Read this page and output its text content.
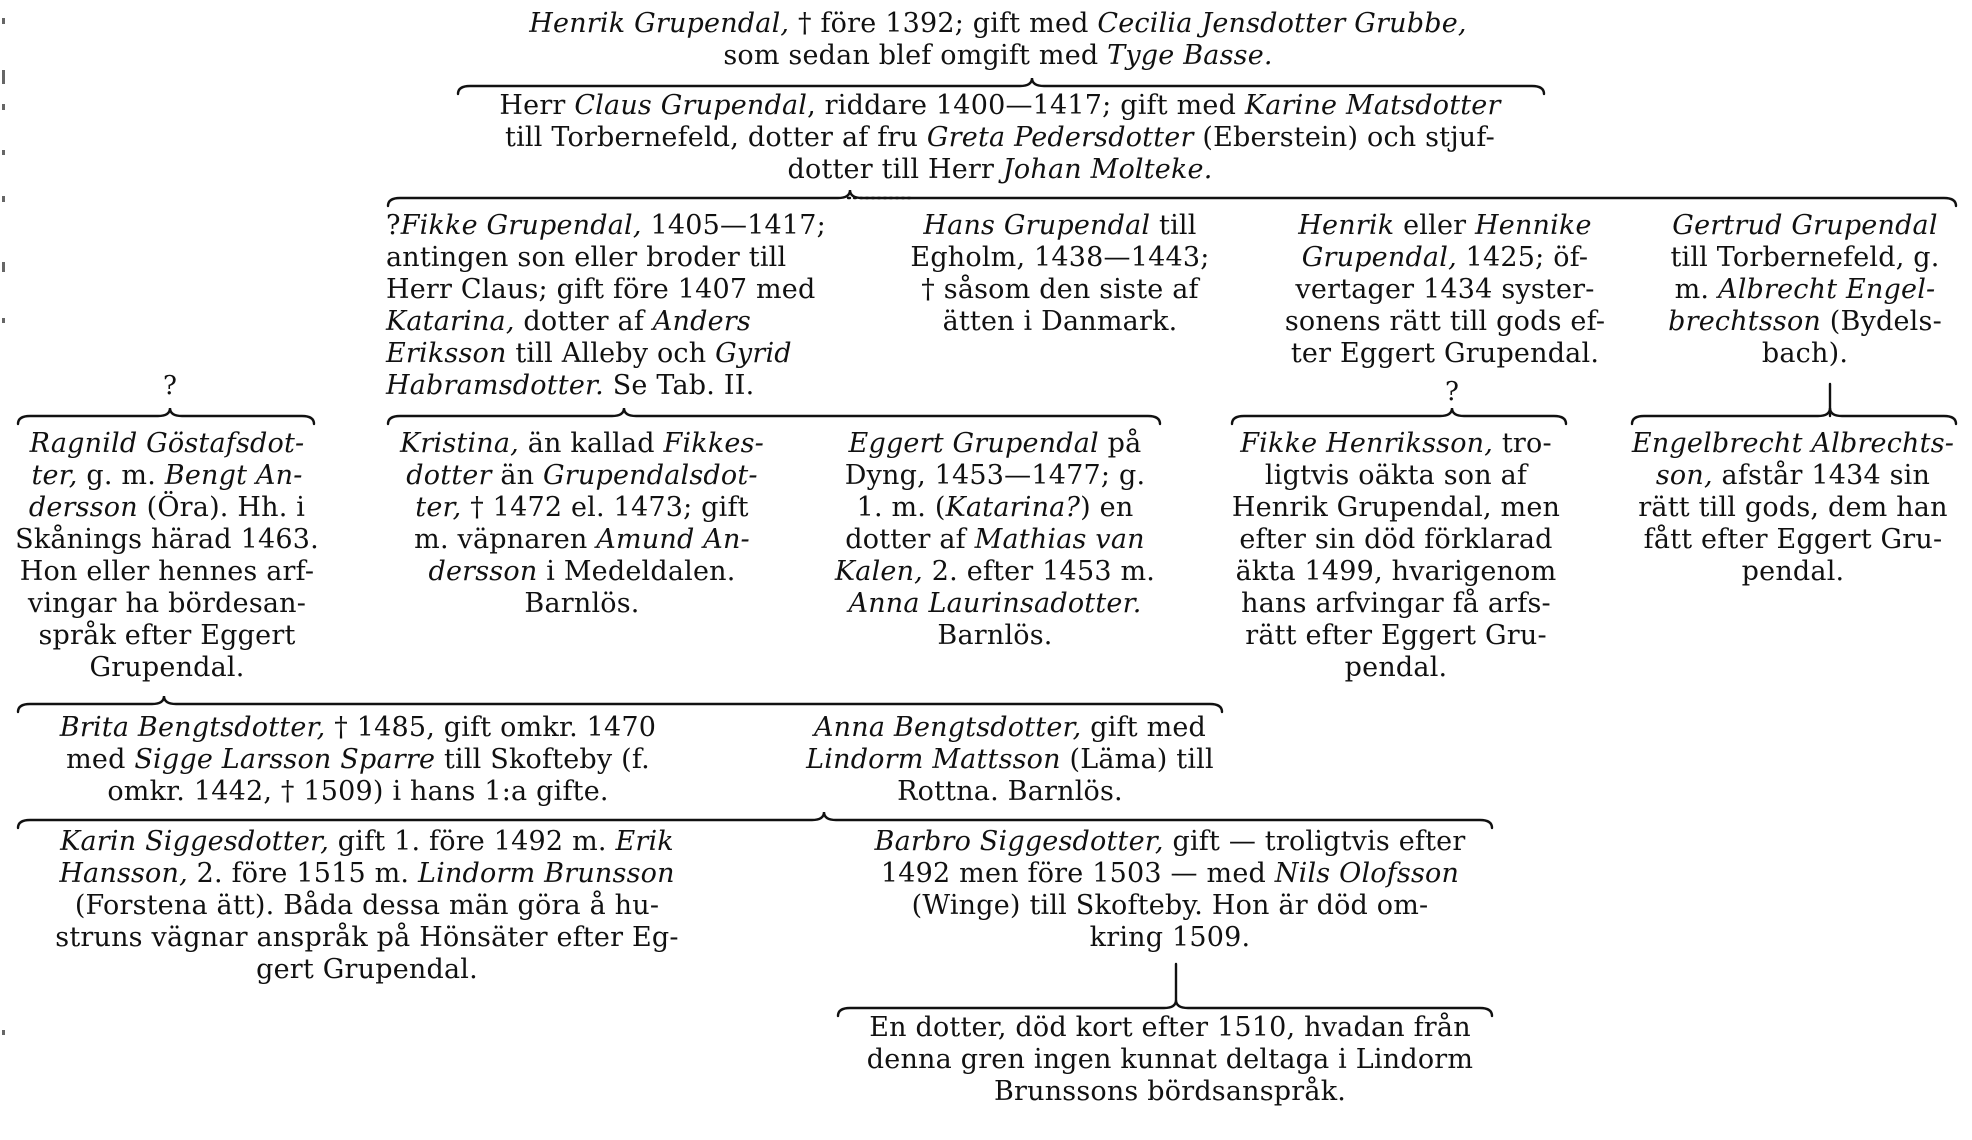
Henrik Grupendal, † före 1392; gift med Cecilia Jensdotter Grubbe,
som sedan blef omgift med Tyge Basse.
Herr Claus Grupendal, riddare 1400—1417; gift med Karine Matsdotter
till Torbernefeld, dotter af fru Greta Pedersdotter (Eberstein) och stjuf-
dotter till Herr Johan Molteke.
?Fikke Grupendal, 1405—1417;
antingen son eller broder till
Herr Claus; gift före 1407 med
Katarina, dotter af Anders
Eriksson till Alleby och Gyrid
Habramsdotter. Se Tab. II.
Hans Grupendal till
Egholm, 1438—1443;
† såsom den siste af
ätten i Danmark.
Henrik eller Hennike
Grupendal, 1425; öf-
vertager 1434 syster-
sonens rätt till gods ef-
ter Eggert Grupendal.
Gertrud Grupendal
till Torbernefeld, g.
m. Albrecht Engel-
brechtsson (Bydels-
bach).
?	?
Ragnild Göstafsdot-
ter, g. m. Bengt An-
dersson (Öra). Hh. i
Skånings härad 1463.
Hon eller hennes arf-
vingar ha bördesan-
språk efter Eggert
Grupendal.
Kristina, än kallad Fikkes-
dotter än Grupendalsdot-
ter, † 1472 el. 1473; gift
m. väpnaren Amund An-
dersson i Medeldalen.
Barnlös.
Eggert Grupendal på
Dyng, 1453—1477; g.
1. m. (Katarina?) en
dotter af Mathias van
Kalen, 2. efter 1453 m.
Anna Laurinsadotter.
Barnlös.
Fikke Henriksson, tro-
ligtvis oäkta son af
Henrik Grupendal, men
efter sin död förklarad
äkta 1499, hvarigenom
hans arfvingar få arfs-
rätt efter Eggert Gru-
pendal.
Engelbrecht Albrechts-
son, afstår 1434 sin
rätt till gods, dem han
fått efter Eggert Gru-
pendal.
Brita Bengtsdotter, † 1485, gift omkr. 1470
med Sigge Larsson Sparre till Skofteby (f.
omkr. 1442, † 1509) i hans 1:a gifte.
Anna Bengtsdotter, gift med
Lindorm Mattsson (Läma) till
Rottna. Barnlös.
Karin Siggesdotter, gift 1. före 1492 m. Erik
Hansson, 2. före 1515 m. Lindorm Brunsson
(Forstena ätt). Båda dessa män göra å hu-
struns vägnar anspråk på Hönsäter efter Eg-
gert Grupendal.
Barbro Siggesdotter, gift — troligtvis efter
1492 men före 1503 — med Nils Olofsson
(Winge) till Skofteby. Hon är död om-
kring 1509.
En dotter, död kort efter 1510, hvadan från
denna gren ingen kunnat deltaga i Lindorm
Brunssons bördsanspråk.
